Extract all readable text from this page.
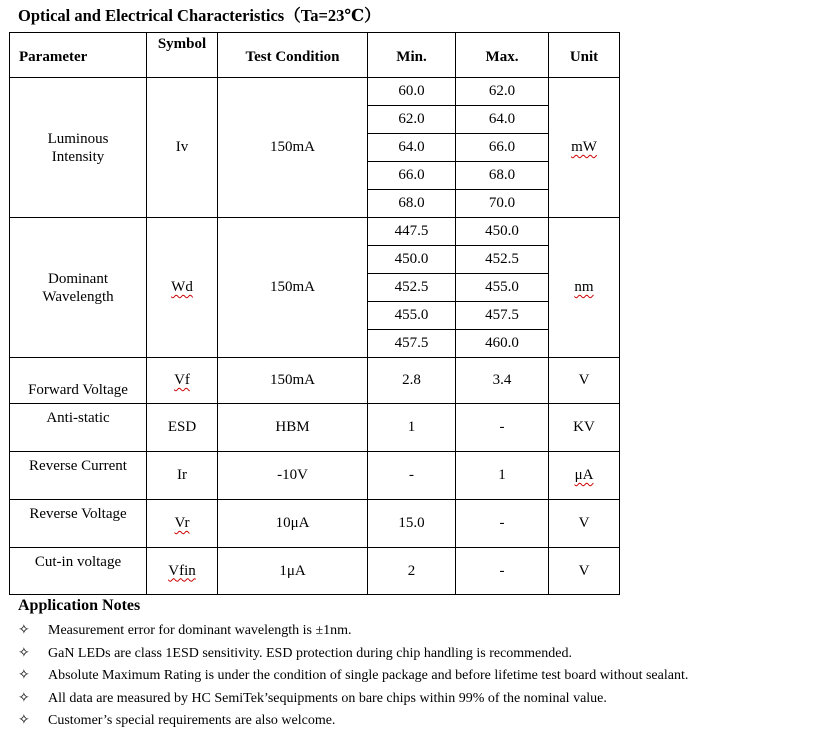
Optical and Electrical Characteristics（Ta=23℃）
Parameter	Symbol	Test Condition	Min.	Max.	Unit
Luminous
Intensity	Iv	150mA	60.0	62.0	mW
			62.0	64.0	
			64.0	66.0	
			66.0	68.0	
			68.0	70.0	
Dominant
Wavelength	Wd	150mA	447.5	450.0	nm
			450.0	452.5	
			452.5	455.0	
			455.0	457.5	
			457.5	460.0	
Forward Voltage	Vf	150mA	2.8	3.4	V
Anti-static	ESD	HBM	1	-	KV
Reverse Current	Ir	-10V	-	1	μA
Reverse Voltage	Vr	10μA	15.0	-	V
Cut-in voltage	Vfin	1μA	2	-	V
Application Notes
✧ Measurement error for dominant wavelength is ±1nm.
✧ GaN LEDs are class 1ESD sensitivity. ESD protection during chip handling is recommended.
✧ Absolute Maximum Rating is under the condition of single package and before lifetime test board without sealant.
✧ All data are measured by HC SemiTek’sequipments on bare chips within 99% of the nominal value.
✧ Customer’s special requirements are also welcome.
